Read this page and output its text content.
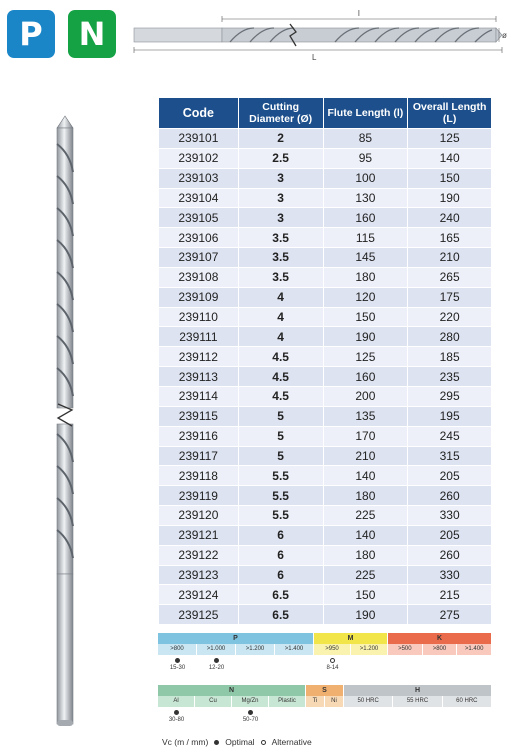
P	N
l
L
ø
Code	Cutting Diameter (Ø)	Flute Length (l)	Overall Length (L)
239101	2	85	125
239102	2.5	95	140
239103	3	100	150
239104	3	130	190
239105	3	160	240
239106	3.5	115	165
239107	3.5	145	210
239108	3.5	180	265
239109	4	120	175
239110	4	150	220
239111	4	190	280
239112	4.5	125	185
239113	4.5	160	235
239114	4.5	200	295
239115	5	135	195
239116	5	170	245
239117	5	210	315
239118	5.5	140	205
239119	5.5	180	260
239120	5.5	225	330
239121	6	140	205
239122	6	180	260
239123	6	225	330
239124	6.5	150	215
239125	6.5	190	275
P
>800
15-30
>1.000
12-20
>1.200	>1.400
M
>950
8-14
>1.200
K
>500	>800	>1.400
N
Al
30-80
Cu	Mg/Zn
50-70
Plastic
S
Ti	Ni
H
50 HRC	55 HRC	60 HRC
Vc (m / mm) Optimal Alternative
